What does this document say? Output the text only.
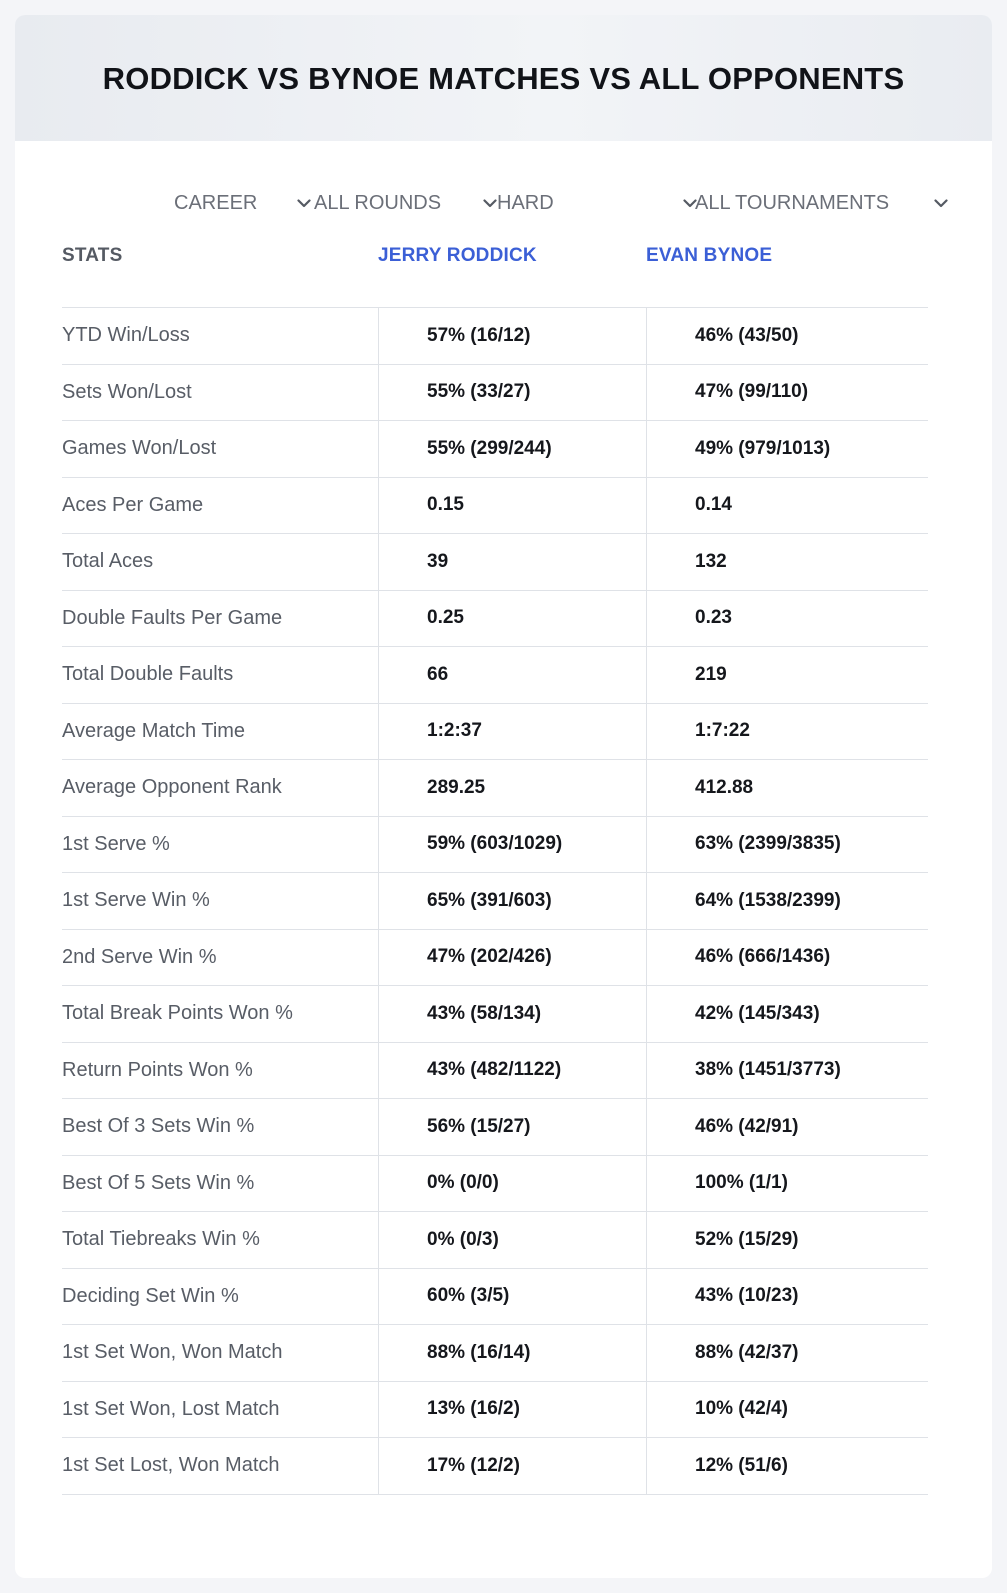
RODDICK VS BYNOE MATCHES VS ALL OPPONENTS
CAREER	ALL ROUNDS	HARD	ALL TOURNAMENTS
STATS	JERRY RODDICK	EVAN BYNOE
YTD Win/Loss	57% (16/12)	46% (43/50)
Sets Won/Lost	55% (33/27)	47% (99/110)
Games Won/Lost	55% (299/244)	49% (979/1013)
Aces Per Game	0.15	0.14
Total Aces	39	132
Double Faults Per Game	0.25	0.23
Total Double Faults	66	219
Average Match Time	1:2:37	1:7:22
Average Opponent Rank	289.25	412.88
1st Serve %	59% (603/1029)	63% (2399/3835)
1st Serve Win %	65% (391/603)	64% (1538/2399)
2nd Serve Win %	47% (202/426)	46% (666/1436)
Total Break Points Won %	43% (58/134)	42% (145/343)
Return Points Won %	43% (482/1122)	38% (1451/3773)
Best Of 3 Sets Win %	56% (15/27)	46% (42/91)
Best Of 5 Sets Win %	0% (0/0)	100% (1/1)
Total Tiebreaks Win %	0% (0/3)	52% (15/29)
Deciding Set Win %	60% (3/5)	43% (10/23)
1st Set Won, Won Match	88% (16/14)	88% (42/37)
1st Set Won, Lost Match	13% (16/2)	10% (42/4)
1st Set Lost, Won Match	17% (12/2)	12% (51/6)
